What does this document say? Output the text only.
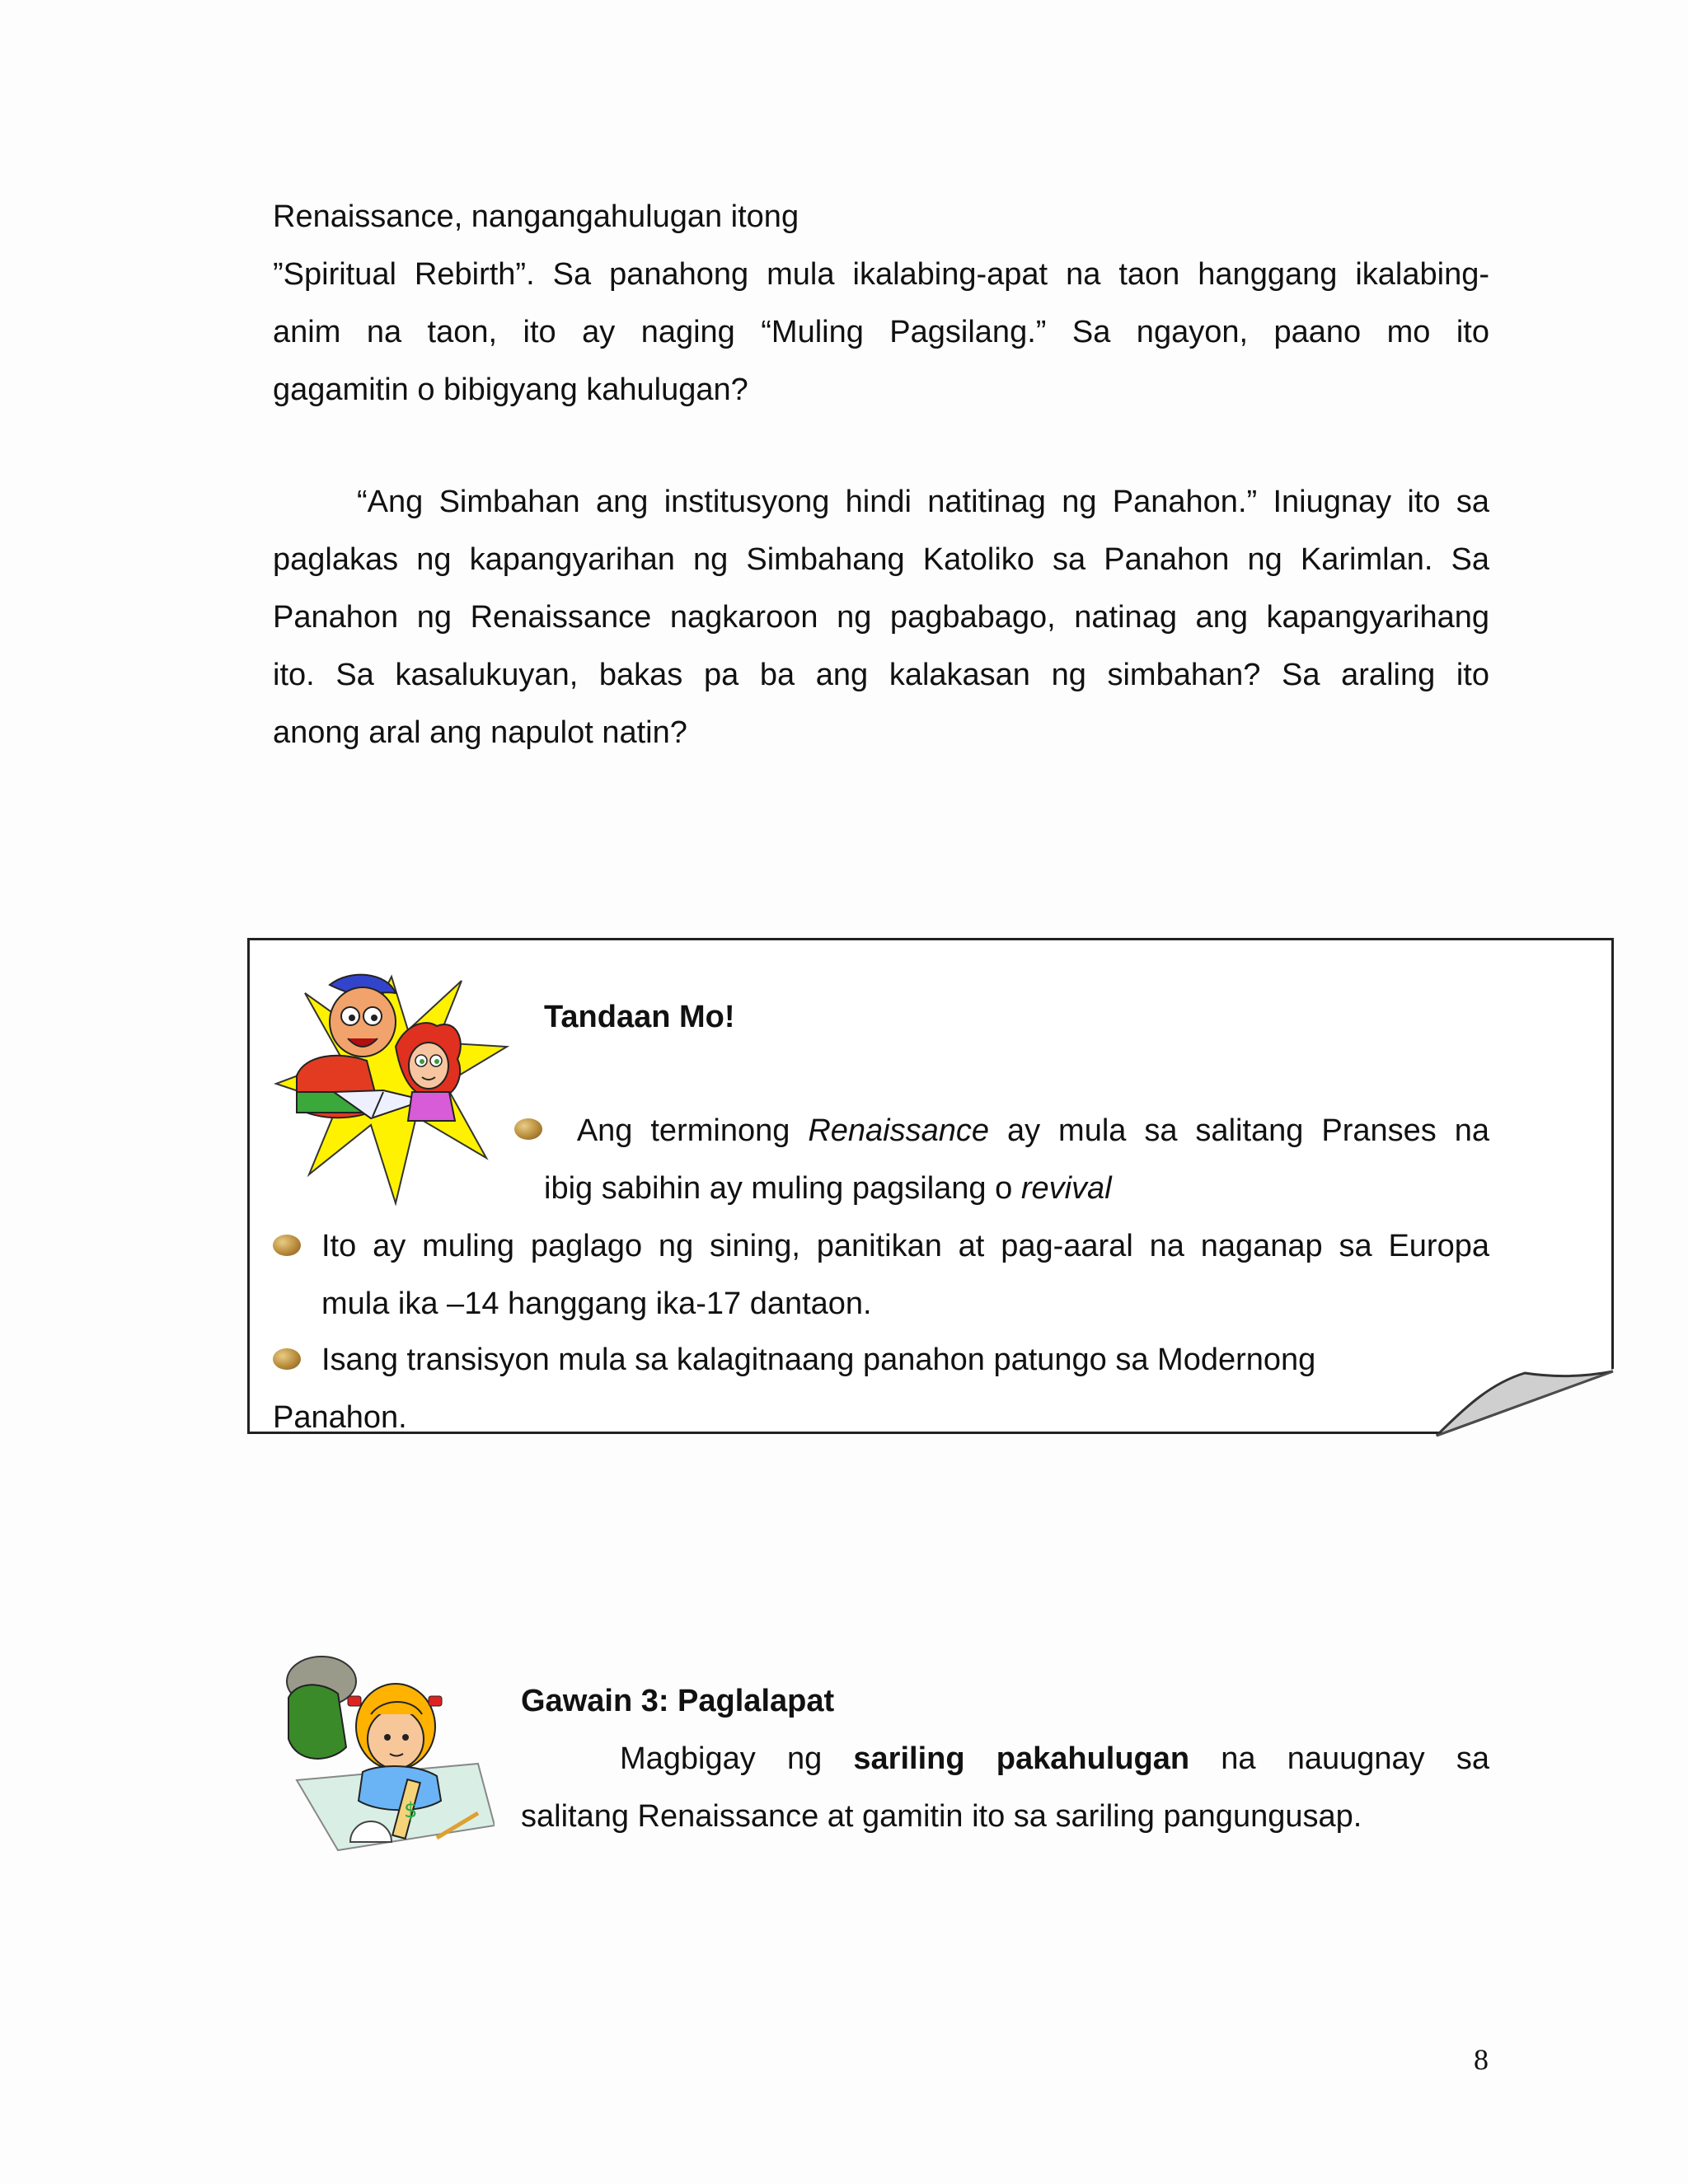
Renaissance, nangangahulugan itong
”Spiritual Rebirth”. Sa panahong mula ikalabing-apat na taon hanggang ikalabing-
anim na taon, ito ay naging “Muling Pagsilang.” Sa ngayon, paano mo ito
gagamitin o bibigyang kahulugan?
“Ang Simbahan ang institusyong hindi natitinag ng Panahon.” Iniugnay ito sa
paglakas ng kapangyarihan ng Simbahang Katoliko sa Panahon ng Karimlan. Sa
Panahon ng Renaissance nagkaroon ng pagbabago, natinag ang kapangyarihang
ito. Sa kasalukuyan, bakas pa ba ang kalakasan ng simbahan? Sa araling ito
anong aral ang napulot natin?
Tandaan Mo!
Ang terminong Renaissance ay mula sa salitang Pranses na
ibig sabihin ay muling pagsilang o revival
Ito ay muling paglago ng sining, panitikan at pag-aaral na naganap sa Europa
mula ika –14 hanggang ika-17 dantaon.
Isang transisyon mula sa kalagitnaang panahon patungo sa Modernong
Panahon.
$
Gawain 3: Paglalapat
Magbigay ng sariling pakahulugan na nauugnay sa
salitang Renaissance at gamitin ito sa sariling pangungusap.
8
